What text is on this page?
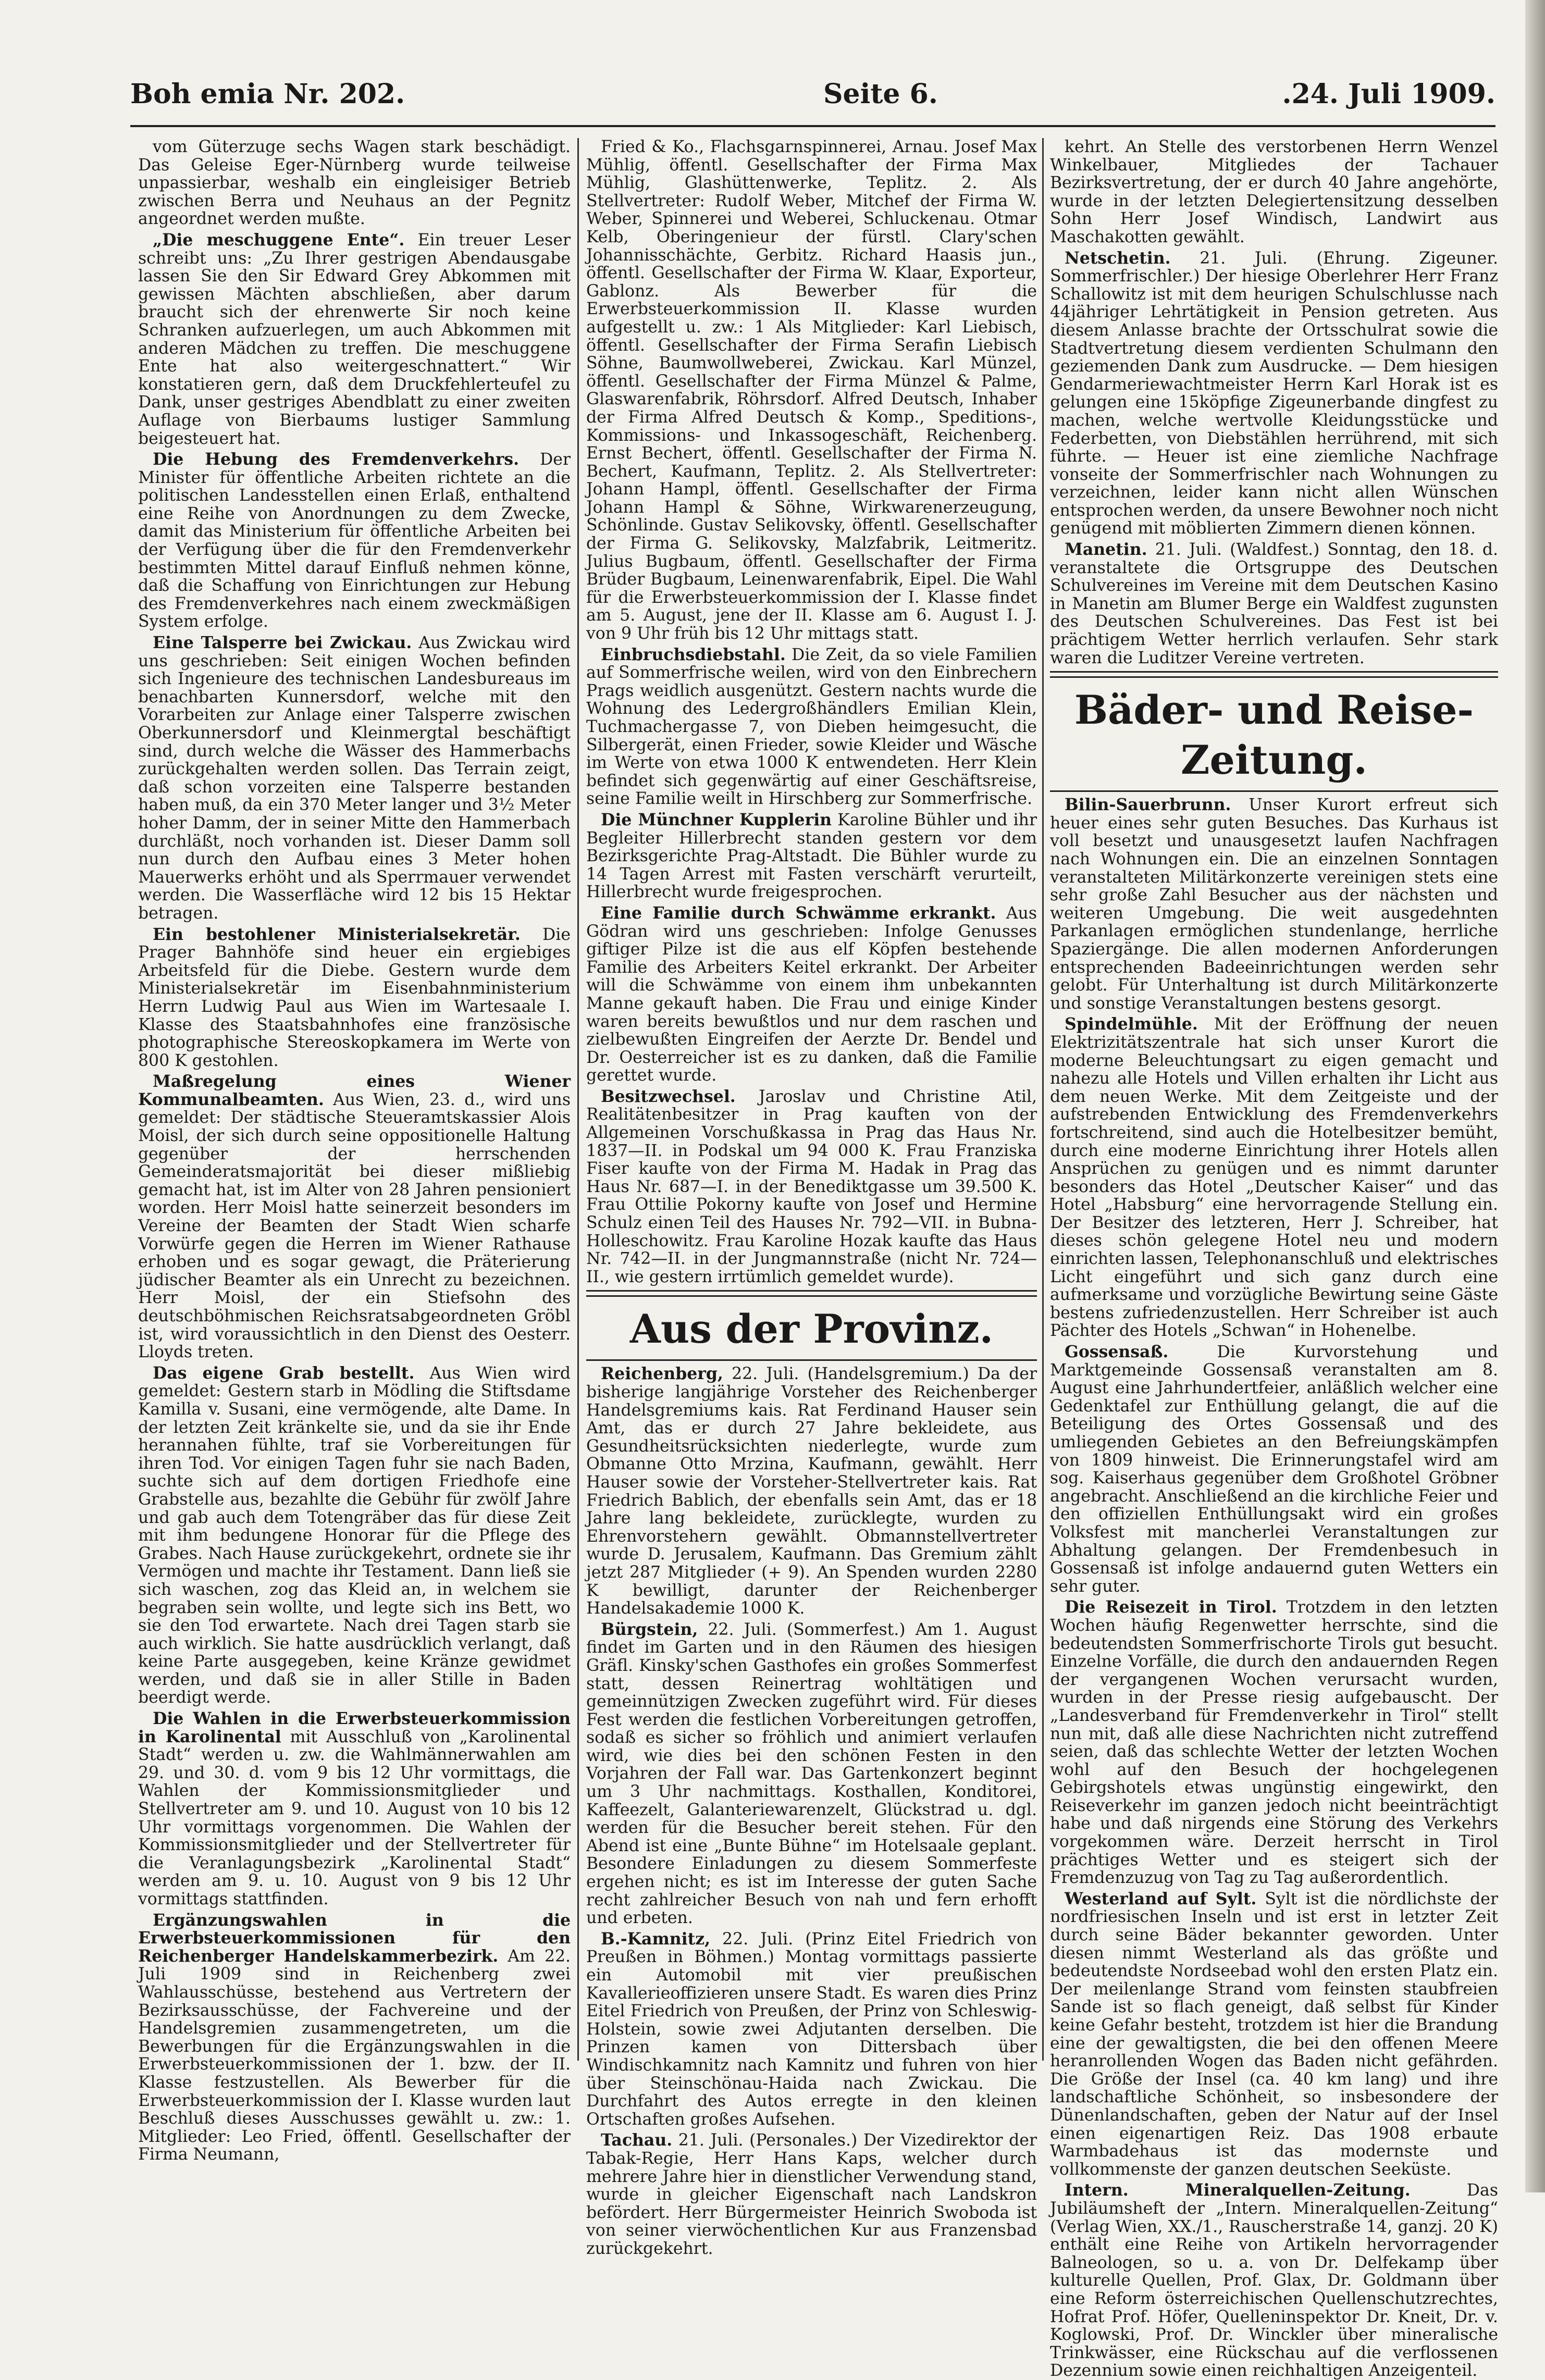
Boh emia Nr. 202.	Seite 6.	.24. Juli 1909.

vom Güterzuge sechs Wagen stark beschädigt. Das Geleise Eger-Nürnberg wurde teilweise unpassierbar, weshalb ein eingleisiger Betrieb zwischen Berra und Neuhaus an der Pegnitz angeordnet werden mußte.

„Die meschuggene Ente“. Ein treuer Leser schreibt uns: „Zu Ihrer gestrigen Abendausgabe lassen Sie den Sir Edward Grey Abkommen mit gewissen Mächten abschließen, aber darum braucht sich der ehrenwerte Sir noch keine Schranken aufzuerlegen, um auch Abkommen mit anderen Mädchen zu treffen. Die meschuggene Ente hat also weitergeschnattert.“ Wir konstatieren gern, daß dem Druckfehlerteufel zu Dank, unser gestriges Abendblatt zu einer zweiten Auflage von Bierbaums lustiger Sammlung beigesteuert hat.

Die Hebung des Fremdenverkehrs. Der Minister für öffentliche Arbeiten richtete an die politischen Landesstellen einen Erlaß, enthaltend eine Reihe von Anordnungen zu dem Zwecke, damit das Ministerium für öffentliche Arbeiten bei der Verfügung über die für den Fremdenverkehr bestimmten Mittel darauf Einfluß nehmen könne, daß die Schaffung von Einrichtungen zur Hebung des Fremdenverkehres nach einem zweckmäßigen System erfolge.

Eine Talsperre bei Zwickau. Aus Zwickau wird uns geschrieben: Seit einigen Wochen befinden sich Ingenieure des technischen Landesbureaus im benachbarten Kunnersdorf, welche mit den Vorarbeiten zur Anlage einer Talsperre zwischen Oberkunnersdorf und Kleinmergtal beschäftigt sind, durch welche die Wässer des Hammerbachs zurückgehalten werden sollen. Das Terrain zeigt, daß schon vorzeiten eine Talsperre bestanden haben muß, da ein 370 Meter langer und 3½ Meter hoher Damm, der in seiner Mitte den Hammerbach durchläßt, noch vorhanden ist. Dieser Damm soll nun durch den Aufbau eines 3 Meter hohen Mauerwerks erhöht und als Sperrmauer verwendet werden. Die Wasserfläche wird 12 bis 15 Hektar betragen.

Ein bestohlener Ministerialsekretär. Die Prager Bahnhöfe sind heuer ein ergiebiges Arbeitsfeld für die Diebe. Gestern wurde dem Ministerialsekretär im Eisenbahnministerium Herrn Ludwig Paul aus Wien im Wartesaale I. Klasse des Staatsbahnhofes eine französische photographische Stereoskopkamera im Werte von 800 K gestohlen.

Maßregelung eines Wiener Kommunalbeamten. Aus Wien, 23. d., wird uns gemeldet: Der städtische Steueramtskassier Alois Moisl, der sich durch seine oppositionelle Haltung gegenüber der herrschenden Gemeinderatsmajorität bei dieser mißliebig gemacht hat, ist im Alter von 28 Jahren pensioniert worden. Herr Moisl hatte seinerzeit besonders im Vereine der Beamten der Stadt Wien scharfe Vorwürfe gegen die Herren im Wiener Rathause erhoben und es sogar gewagt, die Präterierung jüdischer Beamter als ein Unrecht zu bezeichnen. Herr Moisl, der ein Stiefsohn des deutschböhmischen Reichsratsabgeordneten Gröbl ist, wird voraussichtlich in den Dienst des Oesterr. Lloyds treten.

Das eigene Grab bestellt. Aus Wien wird gemeldet: Gestern starb in Mödling die Stiftsdame Kamilla v. Susani, eine vermögende, alte Dame. In der letzten Zeit kränkelte sie, und da sie ihr Ende herannahen fühlte, traf sie Vorbereitungen für ihren Tod. Vor einigen Tagen fuhr sie nach Baden, suchte sich auf dem dortigen Friedhofe eine Grabstelle aus, bezahlte die Gebühr für zwölf Jahre und gab auch dem Totengräber das für diese Zeit mit ihm bedungene Honorar für die Pflege des Grabes. Nach Hause zurückgekehrt, ordnete sie ihr Vermögen und machte ihr Testament. Dann ließ sie sich waschen, zog das Kleid an, in welchem sie begraben sein wollte, und legte sich ins Bett, wo sie den Tod erwartete. Nach drei Tagen starb sie auch wirklich. Sie hatte ausdrücklich verlangt, daß keine Parte ausgegeben, keine Kränze gewidmet werden, und daß sie in aller Stille in Baden beerdigt werde.

Die Wahlen in die Erwerbsteuerkommission in Karolinental mit Ausschluß von „Karolinental Stadt“ werden u. zw. die Wahlmännerwahlen am 29. und 30. d. vom 9 bis 12 Uhr vormittags, die Wahlen der Kommissionsmitglieder und Stellvertreter am 9. und 10. August von 10 bis 12 Uhr vormittags vorgenommen. Die Wahlen der Kommissionsmitglieder und der Stellvertreter für die Veranlagungsbezirk „Karolinental Stadt“ werden am 9. u. 10. August von 9 bis 12 Uhr vormittags stattfinden.

Ergänzungswahlen in die Erwerbsteuerkommissionen für den Reichenberger Handelskammerbezirk. Am 22. Juli 1909 sind in Reichenberg zwei Wahlausschüsse, bestehend aus Vertretern der Bezirksausschüsse, der Fachvereine und der Handelsgremien zusammengetreten, um die Bewerbungen für die Ergänzungswahlen in die Erwerbsteuerkommissionen der 1. bzw. der II. Klasse festzustellen. Als Bewerber für die Erwerbsteuerkommission der I. Klasse wurden laut Beschluß dieses Ausschusses gewählt u. zw.: 1. Mitglieder: Leo Fried, öffentl. Gesellschafter der Firma Neumann,

Fried & Ko., Flachsgarnspinnerei, Arnau. Josef Max Mühlig, öffentl. Gesellschafter der Firma Max Mühlig, Glashüttenwerke, Teplitz. 2. Als Stellvertreter: Rudolf Weber, Mitchef der Firma W. Weber, Spinnerei und Weberei, Schluckenau. Otmar Kelb, Oberingenieur der fürstl. Clary'schen Johannisschächte, Gerbitz. Richard Haasis jun., öffentl. Gesellschafter der Firma W. Klaar, Exporteur, Gablonz. Als Bewerber für die Erwerbsteuerkommission II. Klasse wurden aufgestellt u. zw.: 1 Als Mitglieder: Karl Liebisch, öffentl. Gesellschafter der Firma Serafin Liebisch Söhne, Baumwollweberei, Zwickau. Karl Münzel, öffentl. Gesellschafter der Firma Münzel & Palme, Glaswarenfabrik, Röhrsdorf. Alfred Deutsch, Inhaber der Firma Alfred Deutsch & Komp., Speditions-, Kommissions- und Inkassogeschäft, Reichenberg. Ernst Bechert, öffentl. Gesellschafter der Firma N. Bechert, Kaufmann, Teplitz. 2. Als Stellvertreter: Johann Hampl, öffentl. Gesellschafter der Firma Johann Hampl & Söhne, Wirkwarenerzeugung, Schönlinde. Gustav Selikovsky, öffentl. Gesellschafter der Firma G. Selikovsky, Malzfabrik, Leitmeritz. Julius Bugbaum, öffentl. Gesellschafter der Firma Brüder Bugbaum, Leinenwarenfabrik, Eipel. Die Wahl für die Erwerbsteuerkommission der I. Klasse findet am 5. August, jene der II. Klasse am 6. August I. J. von 9 Uhr früh bis 12 Uhr mittags statt.

Einbruchsdiebstahl. Die Zeit, da so viele Familien auf Sommerfrische weilen, wird von den Einbrechern Prags weidlich ausgenützt. Gestern nachts wurde die Wohnung des Ledergroßhändlers Emilian Klein, Tuchmachergasse 7, von Dieben heimgesucht, die Silbergerät, einen Frieder, sowie Kleider und Wäsche im Werte von etwa 1000 K entwendeten. Herr Klein befindet sich gegenwärtig auf einer Geschäftsreise, seine Familie weilt in Hirschberg zur Sommerfrische.

Die Münchner Kupplerin Karoline Bühler und ihr Begleiter Hillerbrecht standen gestern vor dem Bezirksgerichte Prag-Altstadt. Die Bühler wurde zu 14 Tagen Arrest mit Fasten verschärft verurteilt, Hillerbrecht wurde freigesprochen.

Eine Familie durch Schwämme erkrankt. Aus Gödran wird uns geschrieben: Infolge Genusses giftiger Pilze ist die aus elf Köpfen bestehende Familie des Arbeiters Keitel erkrankt. Der Arbeiter will die Schwämme von einem ihm unbekannten Manne gekauft haben. Die Frau und einige Kinder waren bereits bewußtlos und nur dem raschen und zielbewußten Eingreifen der Aerzte Dr. Bendel und Dr. Oesterreicher ist es zu danken, daß die Familie gerettet wurde.

Besitzwechsel. Jaroslav und Christine Atil, Realitätenbesitzer in Prag kauften von der Allgemeinen Vorschußkassa in Prag das Haus Nr. 1837—II. in Podskal um 94 000 K. Frau Franziska Fiser kaufte von der Firma M. Hadak in Prag das Haus Nr. 687—I. in der Benediktgasse um 39.500 K. Frau Ottilie Pokorny kaufte von Josef und Hermine Schulz einen Teil des Hauses Nr. 792—VII. in Bubna-Holleschowitz. Frau Karoline Hozak kaufte das Haus Nr. 742—II. in der Jungmannstraße (nicht Nr. 724—II., wie gestern irrtümlich gemeldet wurde).

Aus der Provinz.

Reichenberg, 22. Juli. (Handelsgremium.) Da der bisherige langjährige Vorsteher des Reichenberger Handelsgremiums kais. Rat Ferdinand Hauser sein Amt, das er durch 27 Jahre bekleidete, aus Gesundheitsrücksichten niederlegte, wurde zum Obmanne Otto Mrzina, Kaufmann, gewählt. Herr Hauser sowie der Vorsteher-Stellvertreter kais. Rat Friedrich Bablich, der ebenfalls sein Amt, das er 18 Jahre lang bekleidete, zurücklegte, wurden zu Ehrenvorstehern gewählt. Obmannstellvertreter wurde D. Jerusalem, Kaufmann. Das Gremium zählt jetzt 287 Mitglieder (+ 9). An Spenden wurden 2280 K bewilligt, darunter der Reichenberger Handelsakademie 1000 K.

Bürgstein, 22. Juli. (Sommerfest.) Am 1. August findet im Garten und in den Räumen des hiesigen Gräfl. Kinsky'schen Gasthofes ein großes Sommerfest statt, dessen Reinertrag wohltätigen und gemeinnützigen Zwecken zugeführt wird. Für dieses Fest werden die festlichen Vorbereitungen getroffen, sodaß es sicher so fröhlich und animiert verlaufen wird, wie dies bei den schönen Festen in den Vorjahren der Fall war. Das Gartenkonzert beginnt um 3 Uhr nachmittags. Kosthallen, Konditorei, Kaffeezelt, Galanteriewarenzelt, Glückstrad u. dgl. werden für die Besucher bereit stehen. Für den Abend ist eine „Bunte Bühne“ im Hotelsaale geplant. Besondere Einladungen zu diesem Sommerfeste ergehen nicht; es ist im Interesse der guten Sache recht zahlreicher Besuch von nah und fern erhofft und erbeten.

B.-Kamnitz, 22. Juli. (Prinz Eitel Friedrich von Preußen in Böhmen.) Montag vormittags passierte ein Automobil mit vier preußischen Kavallerieoffizieren unsere Stadt. Es waren dies Prinz Eitel Friedrich von Preußen, der Prinz von Schleswig-Holstein, sowie zwei Adjutanten derselben. Die Prinzen kamen von Dittersbach über Windischkamnitz nach Kamnitz und fuhren von hier über Steinschönau-Haida nach Zwickau. Die Durchfahrt des Autos erregte in den kleinen Ortschaften großes Aufsehen.

Tachau. 21. Juli. (Personales.) Der Vizedirektor der Tabak-Regie, Herr Hans Kaps, welcher durch mehrere Jahre hier in dienstlicher Verwendung stand, wurde in gleicher Eigenschaft nach Landskron befördert. Herr Bürgermeister Heinrich Swoboda ist von seiner vierwöchentlichen Kur aus Franzensbad zurückgekehrt.

kehrt. An Stelle des verstorbenen Herrn Wenzel Winkelbauer, Mitgliedes der Tachauer Bezirksvertretung, der er durch 40 Jahre angehörte, wurde in der letzten Delegiertensitzung desselben Sohn Herr Josef Windisch, Landwirt aus Maschakotten gewählt.

Netschetin. 21. Juli. (Ehrung. Zigeuner. Sommerfrischler.) Der hiesige Oberlehrer Herr Franz Schallowitz ist mit dem heurigen Schulschlusse nach 44jähriger Lehrtätigkeit in Pension getreten. Aus diesem Anlasse brachte der Ortsschulrat sowie die Stadtvertretung diesem verdienten Schulmann den geziemenden Dank zum Ausdrucke. — Dem hiesigen Gendarmeriewachtmeister Herrn Karl Horak ist es gelungen eine 15köpfige Zigeunerbande dingfest zu machen, welche wertvolle Kleidungsstücke und Federbetten, von Diebstählen herrührend, mit sich führte. — Heuer ist eine ziemliche Nachfrage vonseite der Sommerfrischler nach Wohnungen zu verzeichnen, leider kann nicht allen Wünschen entsprochen werden, da unsere Bewohner noch nicht genügend mit möblierten Zimmern dienen können.

Manetin. 21. Juli. (Waldfest.) Sonntag, den 18. d. veranstaltete die Ortsgruppe des Deutschen Schulvereines im Vereine mit dem Deutschen Kasino in Manetin am Blumer Berge ein Waldfest zugunsten des Deutschen Schulvereines. Das Fest ist bei prächtigem Wetter herrlich verlaufen. Sehr stark waren die Luditzer Vereine vertreten.

Bäder- und Reise-Zeitung.

Bilin-Sauerbrunn. Unser Kurort erfreut sich heuer eines sehr guten Besuches. Das Kurhaus ist voll besetzt und unausgesetzt laufen Nachfragen nach Wohnungen ein. Die an einzelnen Sonntagen veranstalteten Militärkonzerte vereinigen stets eine sehr große Zahl Besucher aus der nächsten und weiteren Umgebung. Die weit ausgedehnten Parkanlagen ermöglichen stundenlange, herrliche Spaziergänge. Die allen modernen Anforderungen entsprechenden Badeeinrichtungen werden sehr gelobt. Für Unterhaltung ist durch Militärkonzerte und sonstige Veranstaltungen bestens gesorgt.

Spindelmühle. Mit der Eröffnung der neuen Elektrizitätszentrale hat sich unser Kurort die moderne Beleuchtungsart zu eigen gemacht und nahezu alle Hotels und Villen erhalten ihr Licht aus dem neuen Werke. Mit dem Zeitgeiste und der aufstrebenden Entwicklung des Fremdenverkehrs fortschreitend, sind auch die Hotelbesitzer bemüht, durch eine moderne Einrichtung ihrer Hotels allen Ansprüchen zu genügen und es nimmt darunter besonders das Hotel „Deutscher Kaiser“ und das Hotel „Habsburg“ eine hervorragende Stellung ein. Der Besitzer des letzteren, Herr J. Schreiber, hat dieses schön gelegene Hotel neu und modern einrichten lassen, Telephonanschluß und elektrisches Licht eingeführt und sich ganz durch eine aufmerksame und vorzügliche Bewirtung seine Gäste bestens zufriedenzustellen. Herr Schreiber ist auch Pächter des Hotels „Schwan“ in Hohenelbe.

Gossensaß.	Die Kurvorstehung und Marktgemeinde Gossensaß veranstalten am 8. August eine Jahrhundertfeier, anläßlich welcher eine Gedenktafel zur Enthüllung gelangt, die auf die Beteiligung des Ortes Gossensaß und des umliegenden Gebietes an den Befreiungskämpfen von 1809 hinweist. Die Erinnerungstafel wird am sog. Kaiserhaus gegenüber dem Großhotel Gröbner angebracht. Anschließend an die kirchliche Feier und den offiziellen Enthüllungsakt wird ein großes Volksfest mit mancherlei Veranstaltungen zur Abhaltung gelangen. Der Fremdenbesuch in Gossensaß ist infolge andauernd guten Wetters ein sehr guter.

Die Reisezeit in Tirol. Trotzdem in den letzten Wochen häufig Regenwetter herrschte, sind die bedeutendsten Sommerfrischorte Tirols gut besucht. Einzelne Vorfälle, die durch den andauernden Regen der vergangenen Wochen verursacht wurden, wurden in der Presse riesig aufgebauscht. Der „Landesverband für Fremdenverkehr in Tirol“ stellt nun mit, daß alle diese Nachrichten nicht zutreffend seien, daß das schlechte Wetter der letzten Wochen wohl auf den Besuch der hochgelegenen Gebirgshotels etwas ungünstig eingewirkt, den Reiseverkehr im ganzen jedoch nicht beeinträchtigt habe und daß nirgends eine Störung des Verkehrs vorgekommen wäre. Derzeit herrscht in Tirol prächtiges Wetter und es steigert sich der Fremdenzuzug von Tag zu Tag außerordentlich.

Westerland auf Sylt. Sylt ist die nördlichste der nordfriesischen Inseln und ist erst in letzter Zeit durch seine Bäder bekannter geworden. Unter diesen nimmt Westerland als das größte und bedeutendste Nordseebad wohl den ersten Platz ein. Der meilenlange Strand vom feinsten staubfreien Sande ist so flach geneigt, daß selbst für Kinder keine Gefahr besteht, trotzdem ist hier die Brandung eine der gewaltigsten, die bei den offenen Meere heranrollenden Wogen das Baden nicht gefährden. Die Größe der Insel (ca. 40 km lang) und ihre landschaftliche Schönheit, so insbesondere der Dünenlandschaften, geben der Natur auf der Insel einen eigenartigen Reiz. Das 1908 erbaute Warmbadehaus ist das modernste und vollkommenste der ganzen deutschen Seeküste.

Intern. Mineralquellen-Zeitung.	Das Jubiläumsheft der „Intern. Mineralquellen-Zeitung“ (Verlag Wien, XX./1., Rauscherstraße 14, ganzj. 20 K) enthält eine Reihe von Artikeln hervorragender Balneologen, so u. a. von Dr. Delfekamp über kulturelle Quellen, Prof. Glax, Dr. Goldmann über eine Reform österreichischen Quellenschutzrechtes, Hofrat Prof. Höfer, Quelleninspektor Dr. Kneit, Dr. v. Koglowski, Prof. Dr. Winckler über mineralische Trinkwässer, eine Rückschau auf die verflossenen Dezennium sowie einen reichhaltigen Anzeigenteil.
